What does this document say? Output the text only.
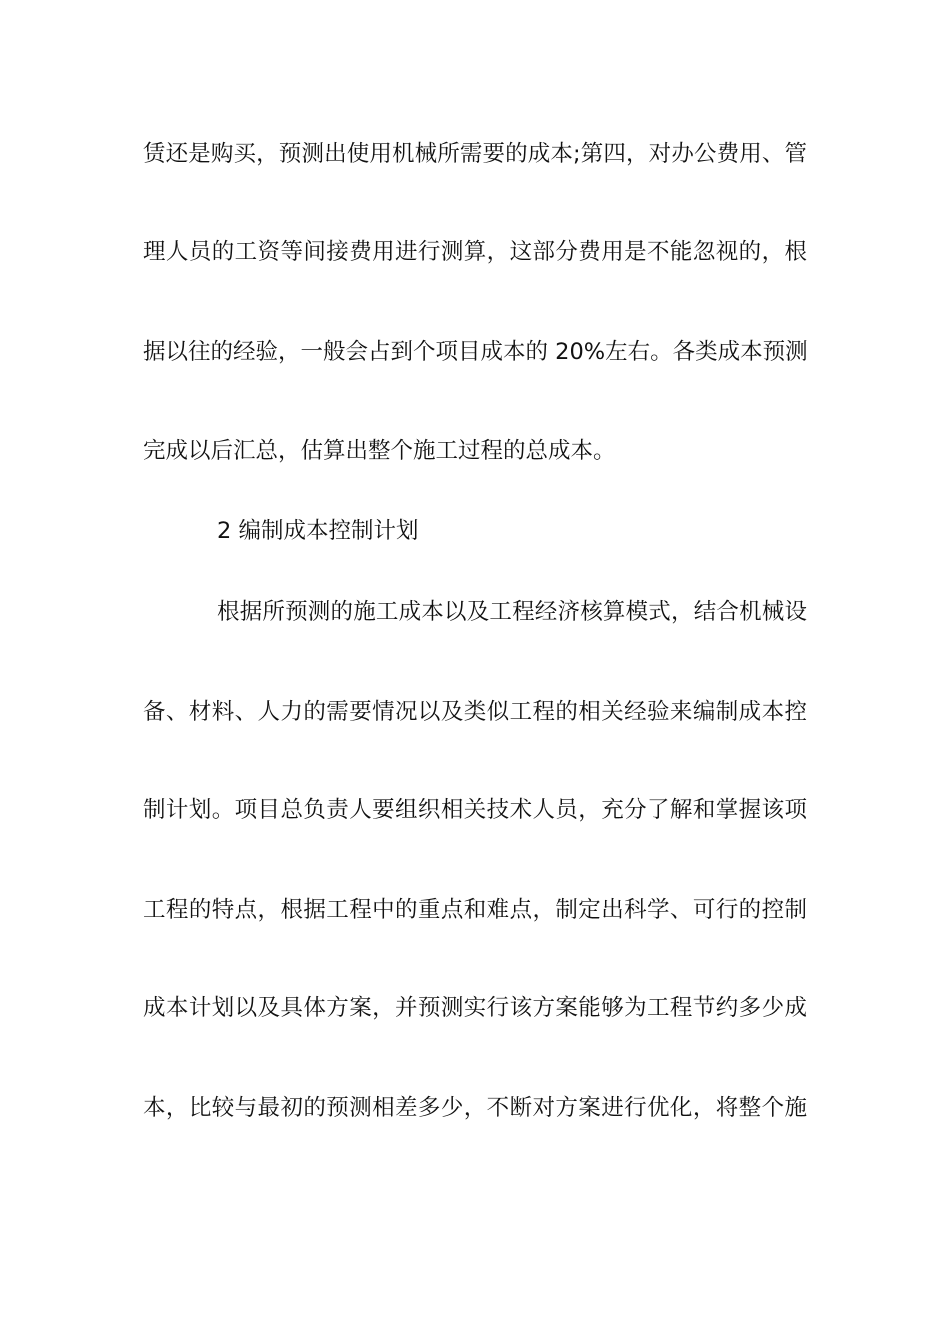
赁还是购买，预测出使用机械所需要的成本;第四，对办公费用、管
理人员的工资等间接费用进行测算，这部分费用是不能忽视的，根
据以往的经验，一般会占到个项目成本的 20%左右。各类成本预测
完成以后汇总，估算出整个施工过程的总成本。
2 编制成本控制计划
根据所预测的施工成本以及工程经济核算模式，结合机械设
备、材料、人力的需要情况以及类似工程的相关经验来编制成本控
制计划。项目总负责人要组织相关技术人员，充分了解和掌握该项
工程的特点，根据工程中的重点和难点，制定出科学、可行的控制
成本计划以及具体方案，并预测实行该方案能够为工程节约多少成
本，比较与最初的预测相差多少，不断对方案进行优化，将整个施
